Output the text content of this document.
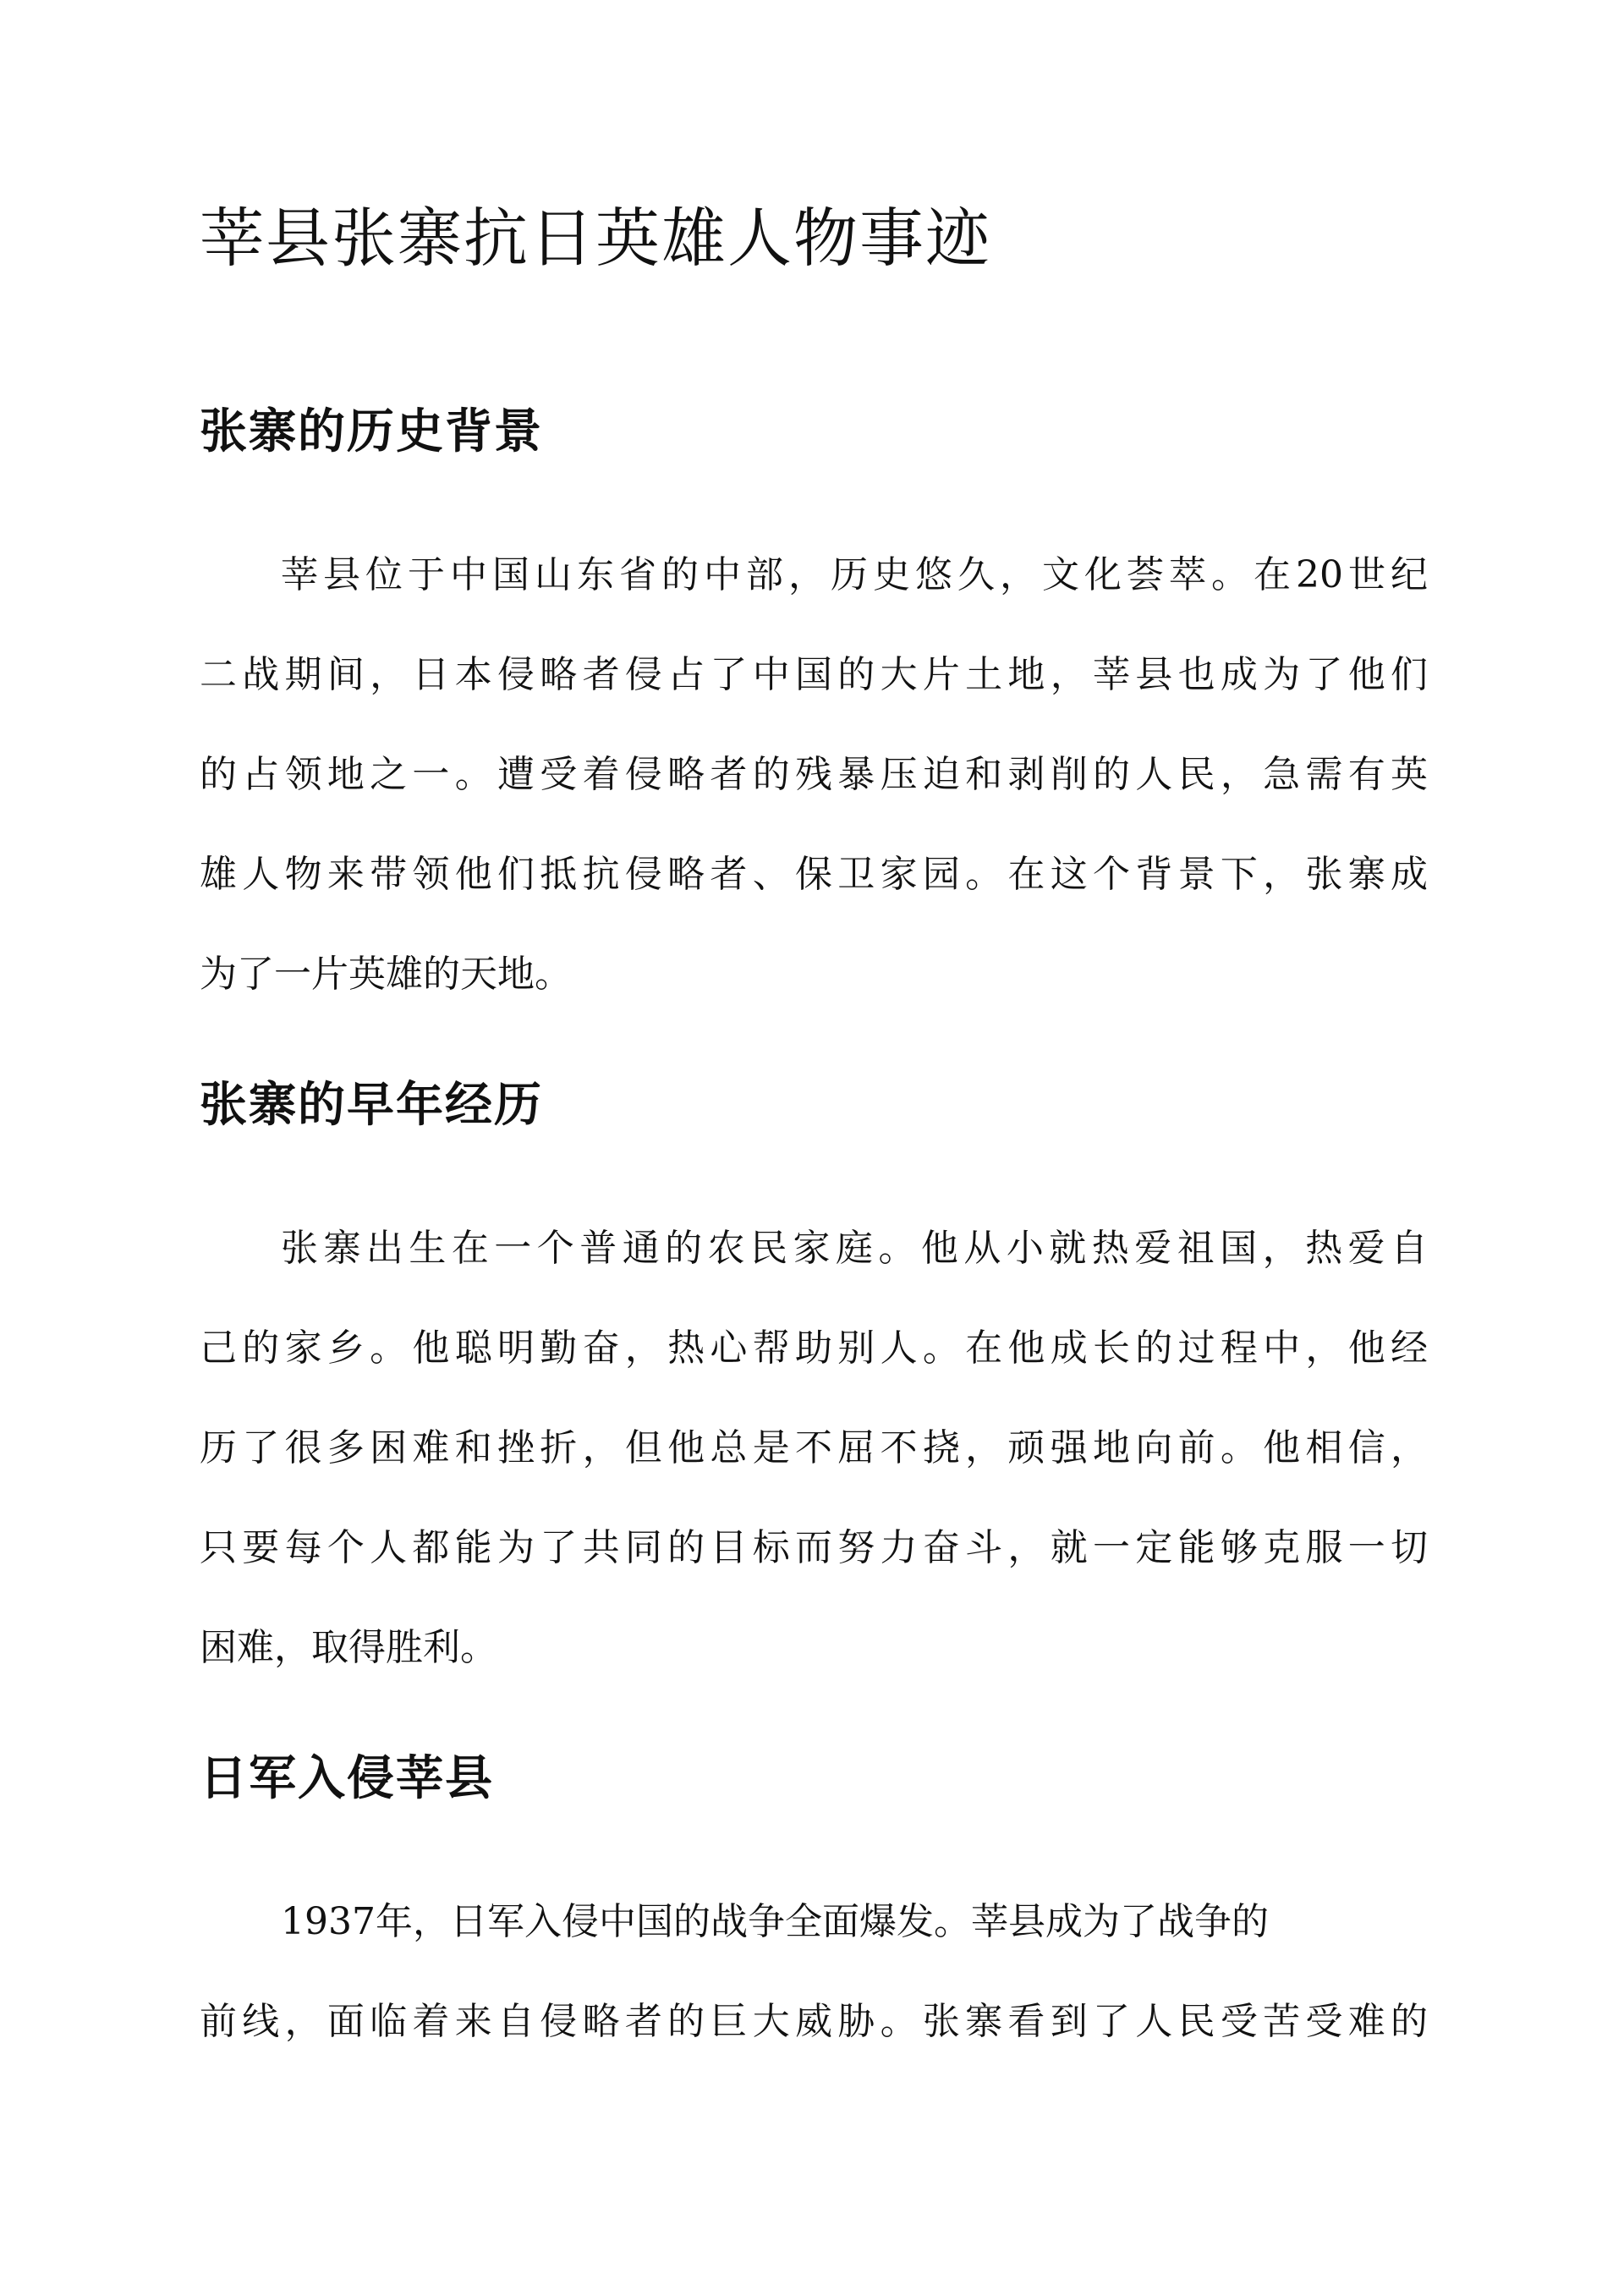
莘县张寨抗日英雄人物事迹
张寨的历史背景

莘县位于中国山东省的中部，历史悠久，文化荟萃。在20世纪

二战期间，日本侵略者侵占了中国的大片土地，莘县也成为了他们

的占领地之一。遭受着侵略者的残暴压迫和剥削的人民，急需有英

雄人物来带领他们抵抗侵略者、保卫家园。在这个背景下，张寨成

为了一片英雄的天地。

张寨的早年经历

张寨出生在一个普通的农民家庭。他从小就热爱祖国，热爱自

己的家乡。他聪明勤奋，热心帮助别人。在他成长的过程中，他经

历了很多困难和挫折，但他总是不屈不挠，顽强地向前。他相信，

只要每个人都能为了共同的目标而努力奋斗，就一定能够克服一切

困难，取得胜利。

日军入侵莘县

1937年，日军入侵中国的战争全面爆发。莘县成为了战争的

前线，面临着来自侵略者的巨大威胁。张寨看到了人民受苦受难的
